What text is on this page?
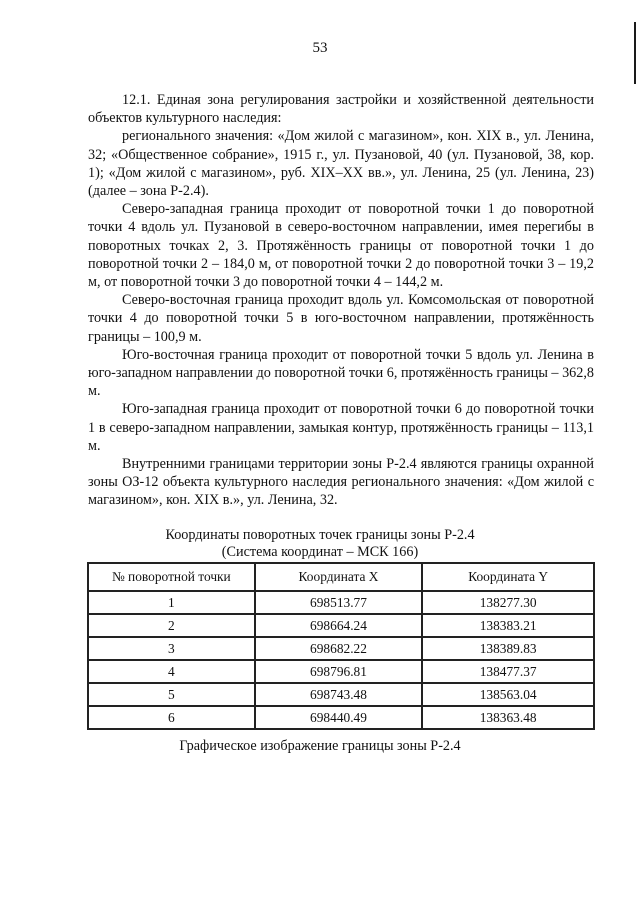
53

12.1. Единая зона регулирования застройки и хозяйственной деятельности объектов культурного наследия:

регионального значения: «Дом жилой с магазином», кон. XIX в., ул. Ленина, 32; «Общественное собрание», 1915 г., ул. Пузановой, 40 (ул. Пузановой, 38, кор. 1); «Дом жилой с магазином», руб. XIX–XX вв.», ул. Ленина, 25 (ул. Ленина, 23) (далее – зона Р-2.4).

Северо-западная граница проходит от поворотной точки 1 до поворотной точки 4 вдоль ул. Пузановой в северо-восточном направлении, имея перегибы в поворотных точках 2, 3. Протяжённость границы от поворотной точки 1 до поворотной точки 2 – 184,0 м, от поворотной точки 2 до поворотной точки 3 – 19,2 м, от поворотной точки 3 до поворотной точки 4 – 144,2 м.

Северо-восточная граница проходит вдоль ул. Комсомольская от поворотной точки 4 до поворотной точки 5 в юго-восточном направлении, протяжённость границы – 100,9 м.

Юго-восточная граница проходит от поворотной точки 5 вдоль ул. Ленина в юго-западном направлении до поворотной точки 6, протяжённость границы – 362,8 м.

Юго-западная граница проходит от поворотной точки 6 до поворотной точки 1 в северо-западном направлении, замыкая контур, протяжённость границы – 113,1 м.

Внутренними границами территории зоны Р-2.4 являются границы охранной зоны ОЗ-12 объекта культурного наследия регионального значения: «Дом жилой с магазином», кон. XIX в.», ул. Ленина, 32.

Координаты поворотных точек границы зоны Р-2.4
(Система координат – МСК 166)
№ поворотной точки	Координата X	Координата Y
1	698513.77	138277.30
2	698664.24	138383.21
3	698682.22	138389.83
4	698796.81	138477.37
5	698743.48	138563.04
6	698440.49	138363.48
Графическое изображение границы зоны Р-2.4
